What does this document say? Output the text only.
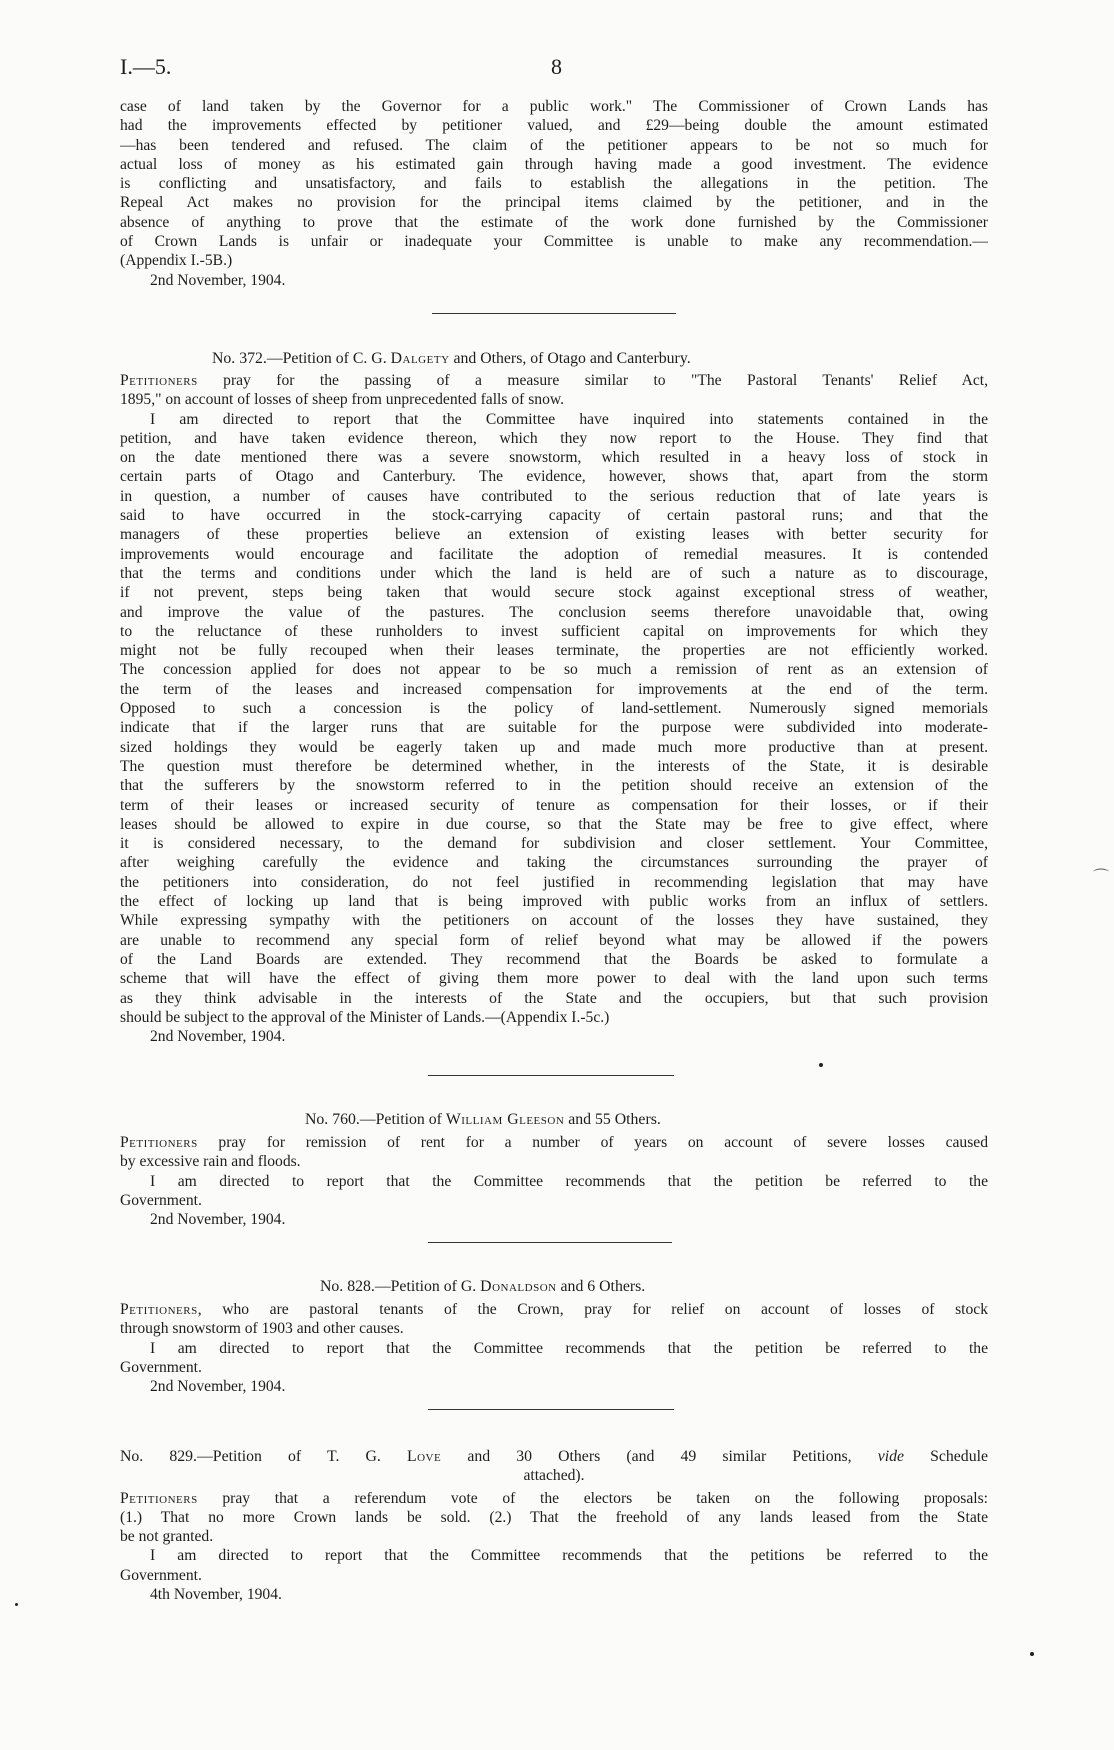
I.—5.	8
case of land taken by the Governor for a public work." The Commissioner of Crown Lands has
had the improvements effected by petitioner valued, and £29—being double the amount estimated
—has been tendered and refused. The claim of the petitioner appears to be not so much for
actual loss of money as his estimated gain through having made a good investment. The evidence
is conflicting and unsatisfactory, and fails to establish the allegations in the petition. The
Repeal Act makes no provision for the principal items claimed by the petitioner, and in the
absence of anything to prove that the estimate of the work done furnished by the Commissioner
of Crown Lands is unfair or inadequate your Committee is unable to make any recommendation.—
(Appendix I.-5B.)
2nd November, 1904.
No. 372.—Petition of C. G. Dalgety and Others, of Otago and Canterbury.
Petitioners pray for the passing of a measure similar to "The Pastoral Tenants' Relief Act,
1895," on account of losses of sheep from unprecedented falls of snow.
I am directed to report that the Committee have inquired into statements contained in the
petition, and have taken evidence thereon, which they now report to the House. They find that
on the date mentioned there was a severe snowstorm, which resulted in a heavy loss of stock in
certain parts of Otago and Canterbury. The evidence, however, shows that, apart from the storm
in question, a number of causes have contributed to the serious reduction that of late years is
said to have occurred in the stock-carrying capacity of certain pastoral runs; and that the
managers of these properties believe an extension of existing leases with better security for
improvements would encourage and facilitate the adoption of remedial measures. It is contended
that the terms and conditions under which the land is held are of such a nature as to discourage,
if not prevent, steps being taken that would secure stock against exceptional stress of weather,
and improve the value of the pastures. The conclusion seems therefore unavoidable that, owing
to the reluctance of these runholders to invest sufficient capital on improvements for which they
might not be fully recouped when their leases terminate, the properties are not efficiently worked.
The concession applied for does not appear to be so much a remission of rent as an extension of
the term of the leases and increased compensation for improvements at the end of the term.
Opposed to such a concession is the policy of land-settlement. Numerously signed memorials
indicate that if the larger runs that are suitable for the purpose were subdivided into moderate-
sized holdings they would be eagerly taken up and made much more productive than at present.
The question must therefore be determined whether, in the interests of the State, it is desirable
that the sufferers by the snowstorm referred to in the petition should receive an extension of the
term of their leases or increased security of tenure as compensation for their losses, or if their
leases should be allowed to expire in due course, so that the State may be free to give effect, where
it is considered necessary, to the demand for subdivision and closer settlement. Your Committee,
after weighing carefully the evidence and taking the circumstances surrounding the prayer of
the petitioners into consideration, do not feel justified in recommending legislation that may have
the effect of locking up land that is being improved with public works from an influx of settlers.
While expressing sympathy with the petitioners on account of the losses they have sustained, they
are unable to recommend any special form of relief beyond what may be allowed if the powers
of the Land Boards are extended. They recommend that the Boards be asked to formulate a
scheme that will have the effect of giving them more power to deal with the land upon such terms
as they think advisable in the interests of the State and the occupiers, but that such provision
should be subject to the approval of the Minister of Lands.—(Appendix I.-5c.)
2nd November, 1904.
No. 760.—Petition of William Gleeson and 55 Others.
Petitioners pray for remission of rent for a number of years on account of severe losses caused
by excessive rain and floods.
I am directed to report that the Committee recommends that the petition be referred to the
Government.
2nd November, 1904.
No. 828.—Petition of G. Donaldson and 6 Others.
Petitioners, who are pastoral tenants of the Crown, pray for relief on account of losses of stock
through snowstorm of 1903 and other causes.
I am directed to report that the Committee recommends that the petition be referred to the
Government.
2nd November, 1904.
No. 829.—Petition of T. G. Love and 30 Others (and 49 similar Petitions, vide Schedule
attached).
Petitioners pray that a referendum vote of the electors be taken on the following proposals:
(1.) That no more Crown lands be sold. (2.) That the freehold of any lands leased from the State
be not granted.
I am directed to report that the Committee recommends that the petitions be referred to the
Government.
4th November, 1904.
⌒
